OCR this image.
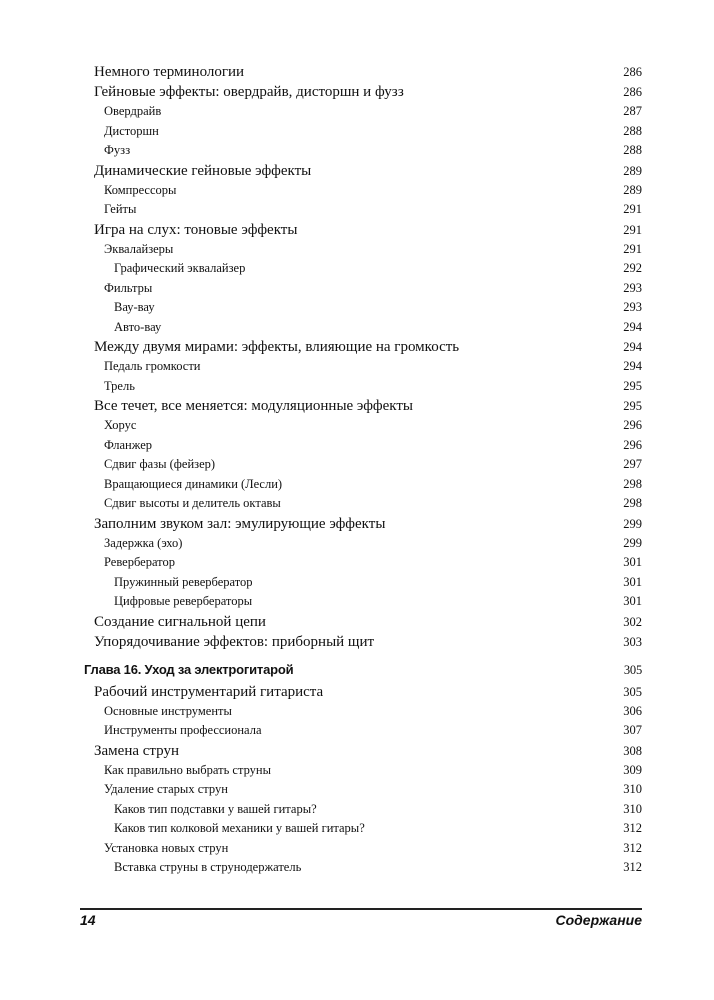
Немного терминологии	286
Гейновые эффекты: овердрайв, дисторшн и фузз	286
Овердрайв	287
Дисторшн	288
Фузз	288
Динамические гейновые эффекты	289
Компрессоры	289
Гейты	291
Игра на слух: тоновые эффекты	291
Эквалайзеры	291
Графический эквалайзер	292
Фильтры	293
Вау-вау	293
Авто-вау	294
Между двумя мирами: эффекты, влияющие на громкость	294
Педаль громкости	294
Трель	295
Все течет, все меняется: модуляционные эффекты	295
Хорус	296
Фланжер	296
Сдвиг фазы (фейзер)	297
Вращающиеся динамики (Лесли)	298
Сдвиг высоты и делитель октавы	298
Заполним звуком зал: эмулирующие эффекты	299
Задержка (эхо)	299
Ревербератор	301
Пружинный ревербератор	301
Цифровые ревербераторы	301
Создание сигнальной цепи	302
Упорядочивание эффектов: приборный щит	303
Глава 16. Уход за электрогитарой	305
Рабочий инструментарий гитариста	305
Основные инструменты	306
Инструменты профессионала	307
Замена струн	308
Как правильно выбрать струны	309
Удаление старых струн	310
Каков тип подставки у вашей гитары?	310
Каков тип колковой механики у вашей гитары?	312
Установка новых струн	312
Вставка струны в струнодержатель	312
14	Содержание
